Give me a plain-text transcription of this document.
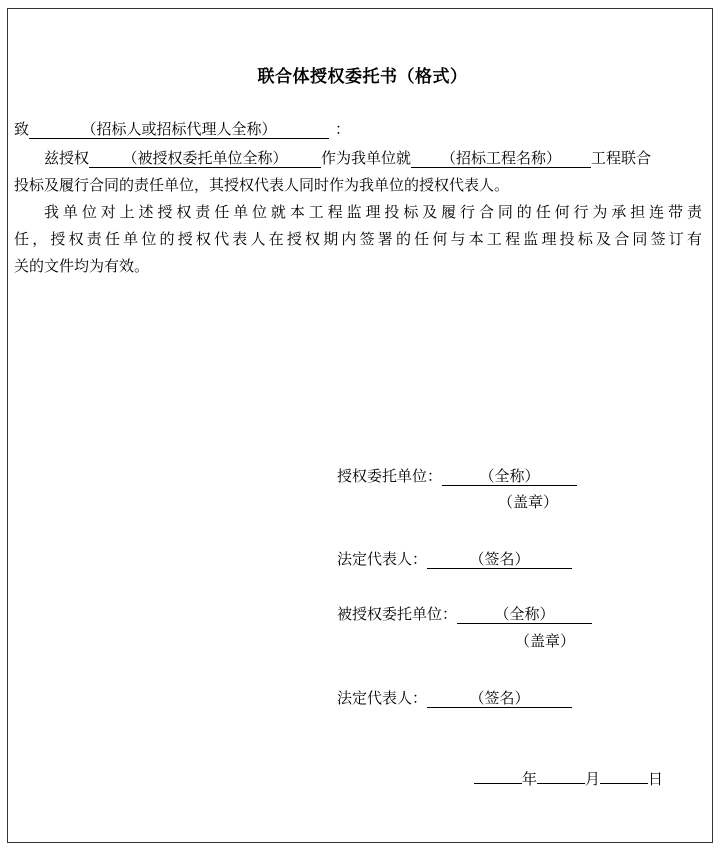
联合体授权委托书（格式）
致	（招标人或招标代理人全称）	：
兹授权 （被授权委托单位全称） 作为我单位就 （招标工程名称） 工程联合
投标及履行合同的责任单位，其授权代表人同时作为我单位的授权代表人。
我单位对上述授权责任单位就本工程监理投标及履行合同的任何行为承担连带责
任，授权责任单位的授权代表人在授权期内签署的任何与本工程监理投标及合同签订有
关的文件均为有效。
授权委托单位： （全称）
（盖章）
法定代表人：	（签名）
被授权委托单位： （全称）
（盖章）
法定代表人：	（签名）
年	月	日
